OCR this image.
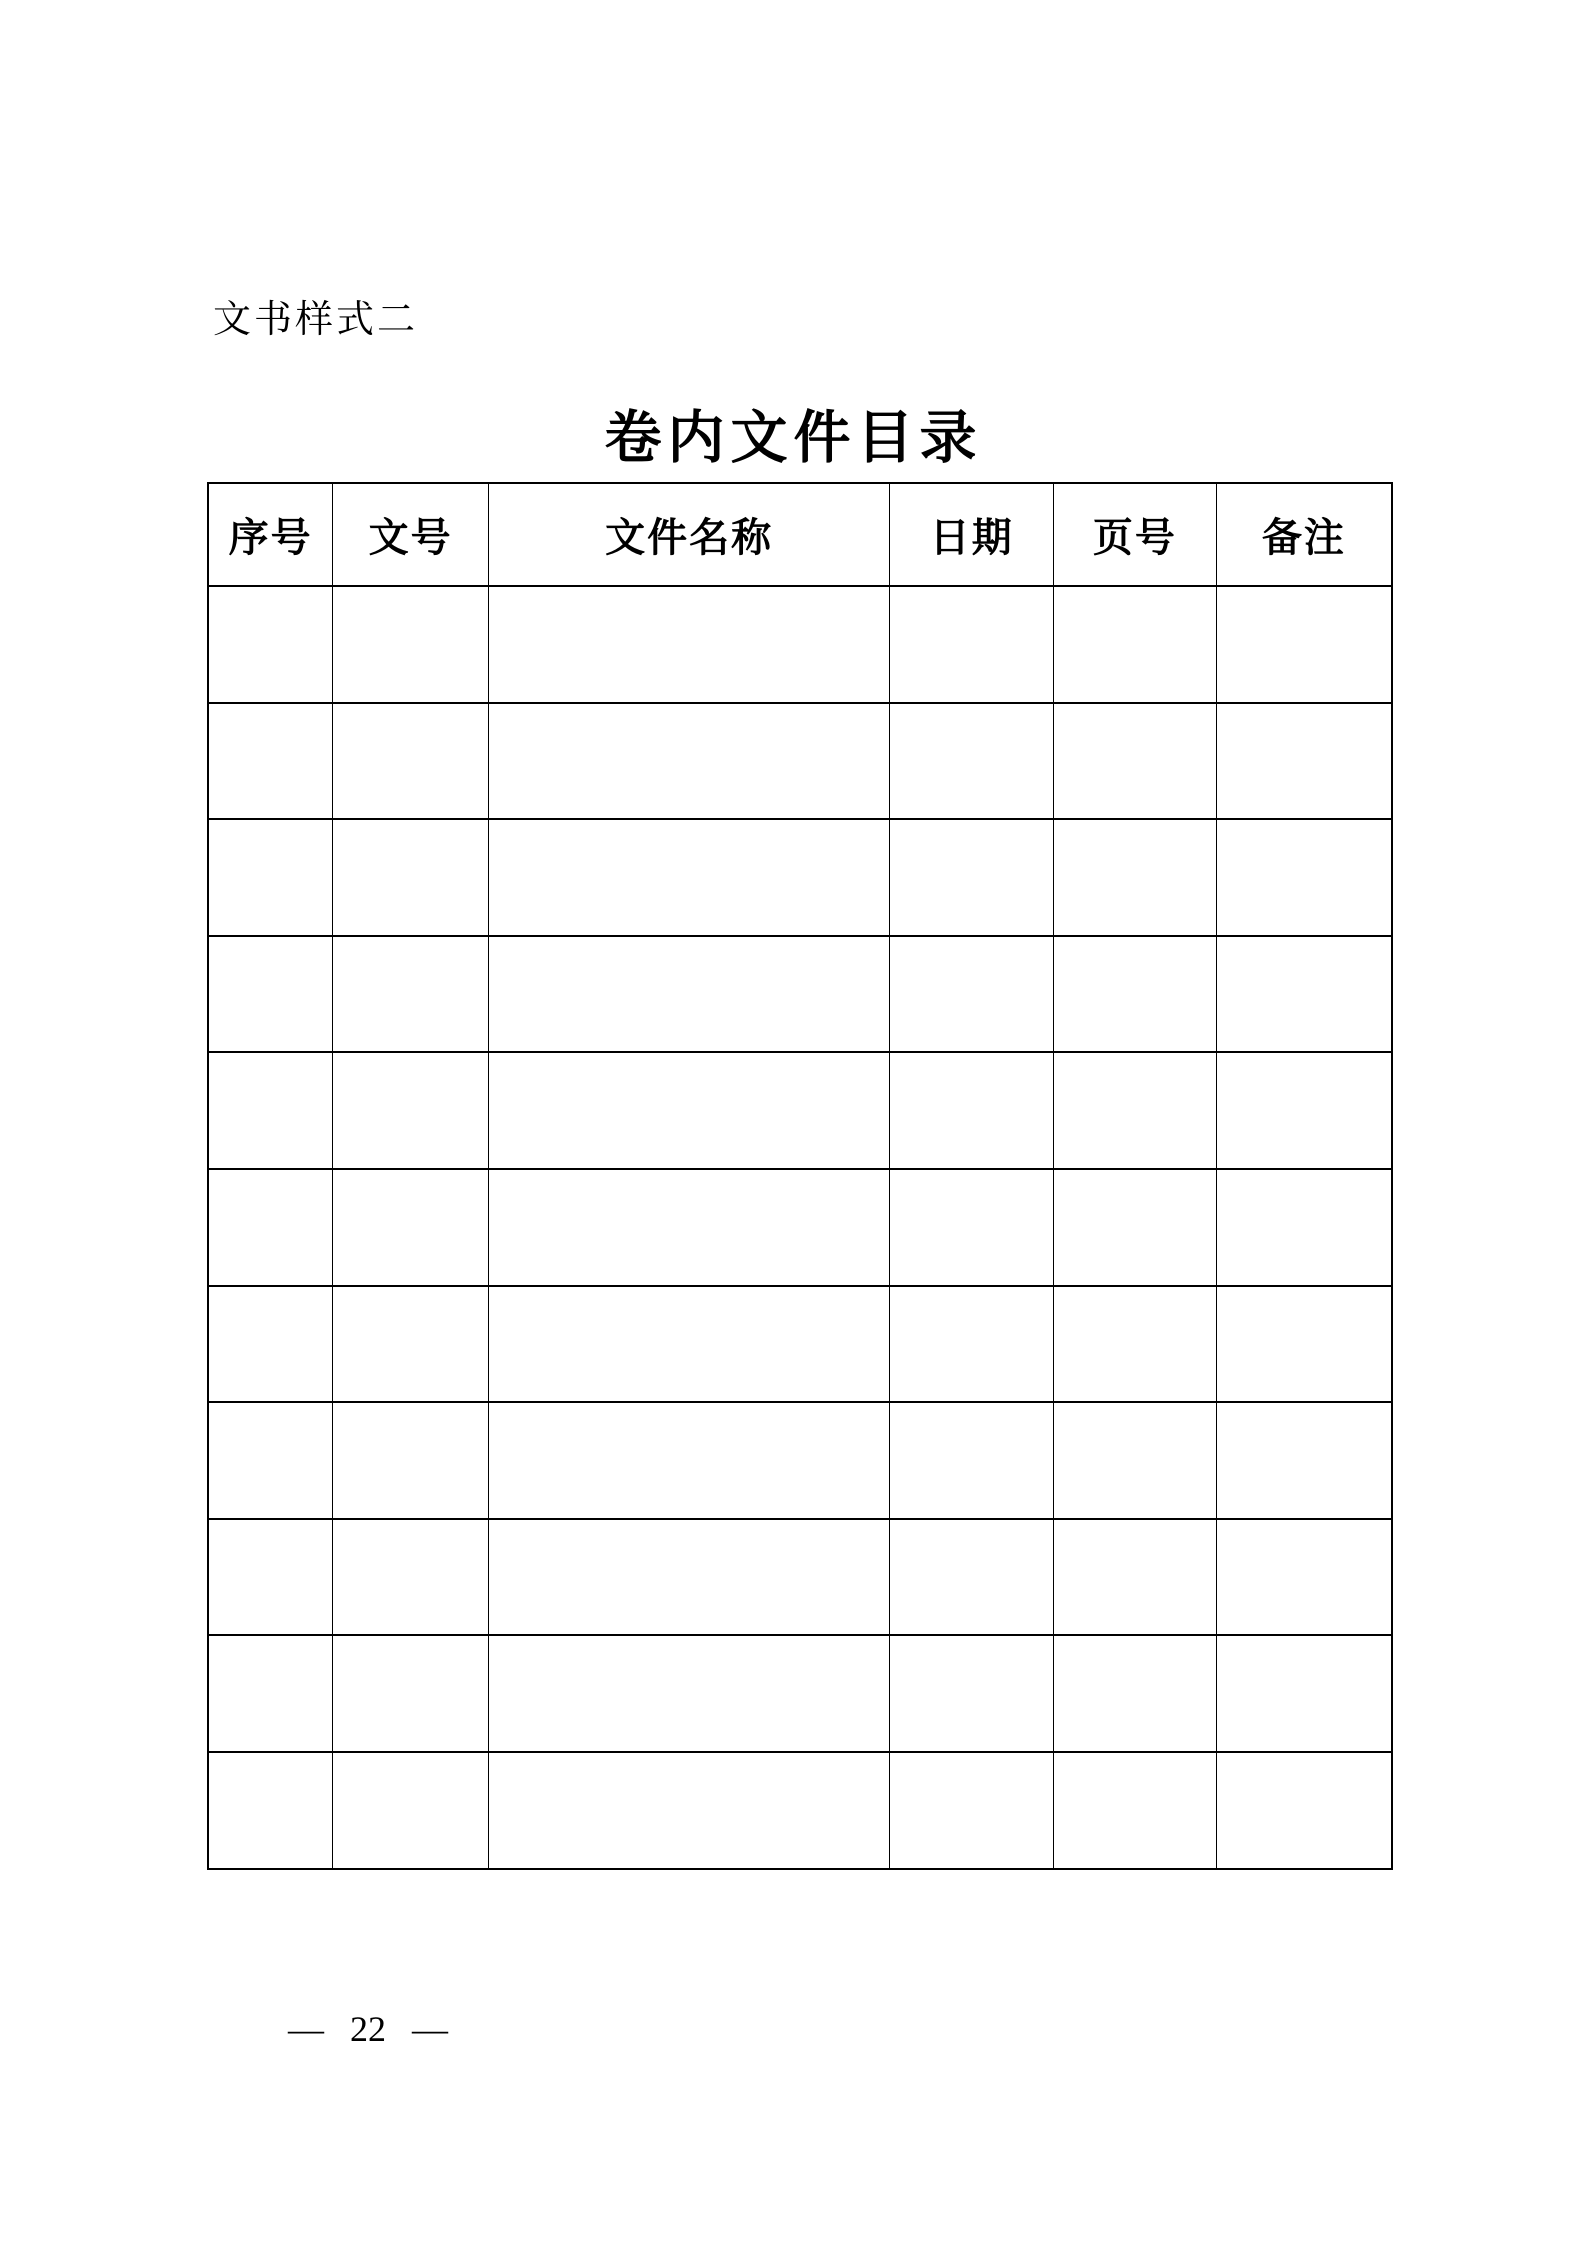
文书样式二
卷内文件目录
序号	文号	文件名称	日期	页号	备注

— 22 —
